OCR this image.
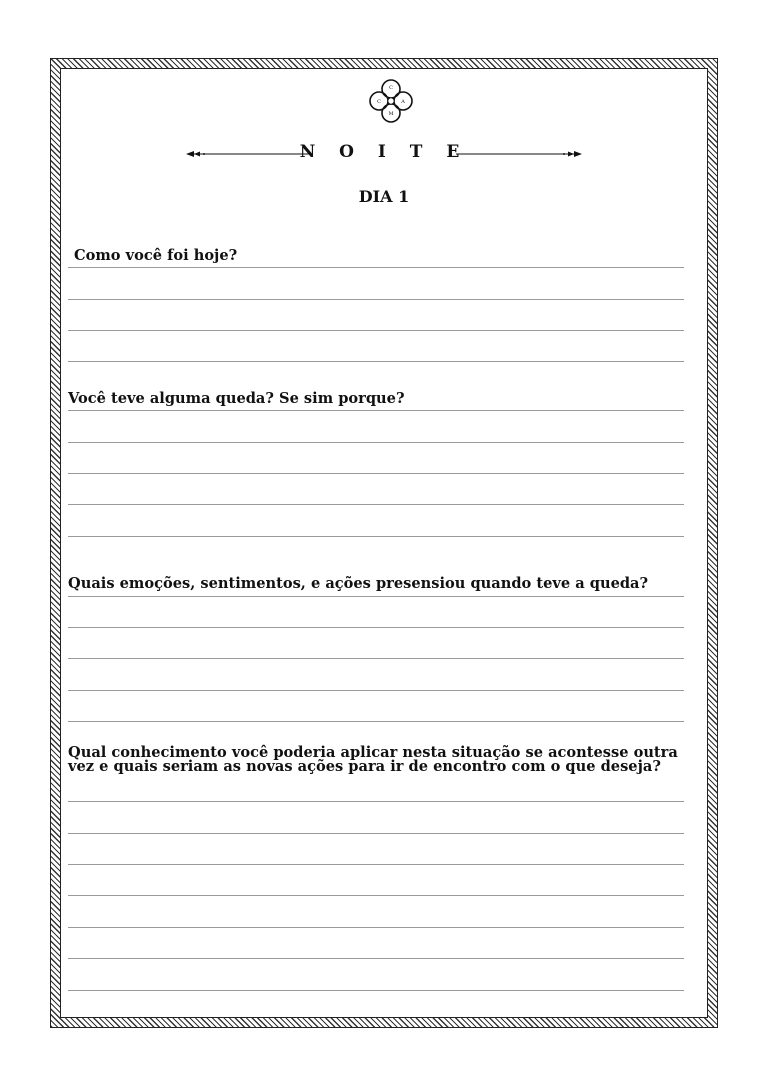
C
C	A
M
N O I T E
DIA 1
Como você foi hoje?
Você teve alguma queda? Se sim porque?
Quais emoções, sentimentos, e ações presensiou quando teve a queda?
Qual conhecimento você poderia aplicar nesta situação se acontesse outra vez e quais seriam as novas ações para ir de encontro com o que deseja?
